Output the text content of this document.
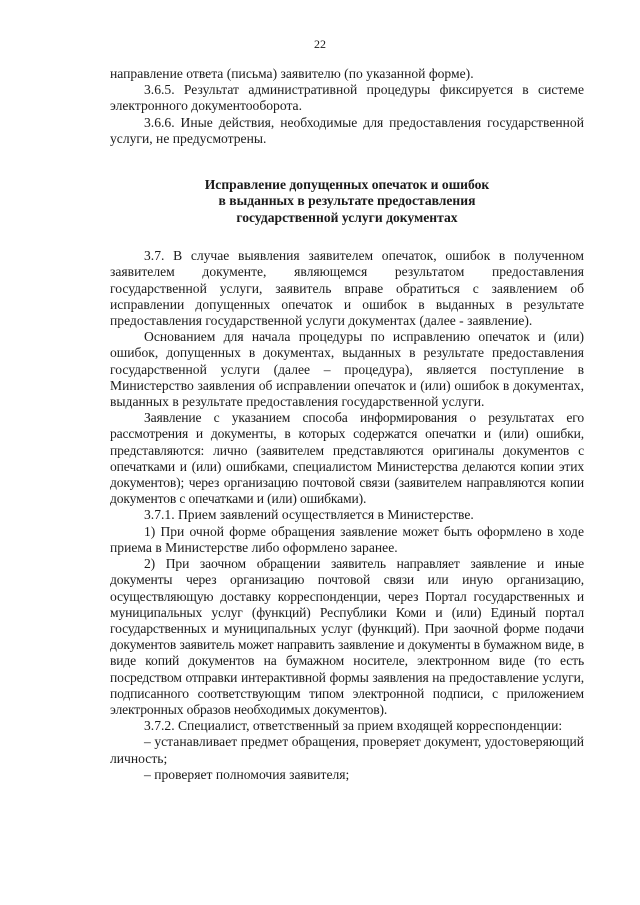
22

направление ответа (письма) заявителю (по указанной форме).

3.6.5. Результат административной процедуры фиксируется в системе электронного документооборота.

3.6.6. Иные действия, необходимые для предоставления государственной услуги, не предусмотрены.

Исправление допущенных опечаток и ошибок
в выданных в результате предоставления
государственной услуги документах

3.7. В случае выявления заявителем опечаток, ошибок в полученном заявителем документе, являющемся результатом предоставления государственной услуги, заявитель вправе обратиться с заявлением об исправлении допущенных опечаток и ошибок в выданных в результате предоставления государственной услуги документах (далее - заявление).

Основанием для начала процедуры по исправлению опечаток и (или) ошибок, допущенных в документах, выданных в результате предоставления государственной услуги (далее – процедура), является поступление в Министерство заявления об исправлении опечаток и (или) ошибок в документах, выданных в результате предоставления государственной услуги.

Заявление с указанием способа информирования о результатах его рассмотрения и документы, в которых содержатся опечатки и (или) ошибки, представляются: лично (заявителем представляются оригиналы документов с опечатками и (или) ошибками, специалистом Министерства делаются копии этих документов); через организацию почтовой связи (заявителем направляются копии документов с опечатками и (или) ошибками).

3.7.1. Прием заявлений осуществляется в Министерстве.

1) При очной форме обращения заявление может быть оформлено в ходе приема в Министерстве либо оформлено заранее.

2) При заочном обращении заявитель направляет заявление и иные документы через организацию почтовой связи или иную организацию, осуществляющую доставку корреспонденции, через Портал государственных и муниципальных услуг (функций) Республики Коми и (или) Единый портал государственных и муниципальных услуг (функций). При заочной форме подачи документов заявитель может направить заявление и документы в бумажном виде, в виде копий документов на бумажном носителе, электронном виде (то есть посредством отправки интерактивной формы заявления на предоставление услуги, подписанного соответствующим типом электронной подписи, с приложением электронных образов необходимых документов).

3.7.2. Специалист, ответственный за прием входящей корреспонденции:

– устанавливает предмет обращения, проверяет документ, удостоверяющий личность;

– проверяет полномочия заявителя;
